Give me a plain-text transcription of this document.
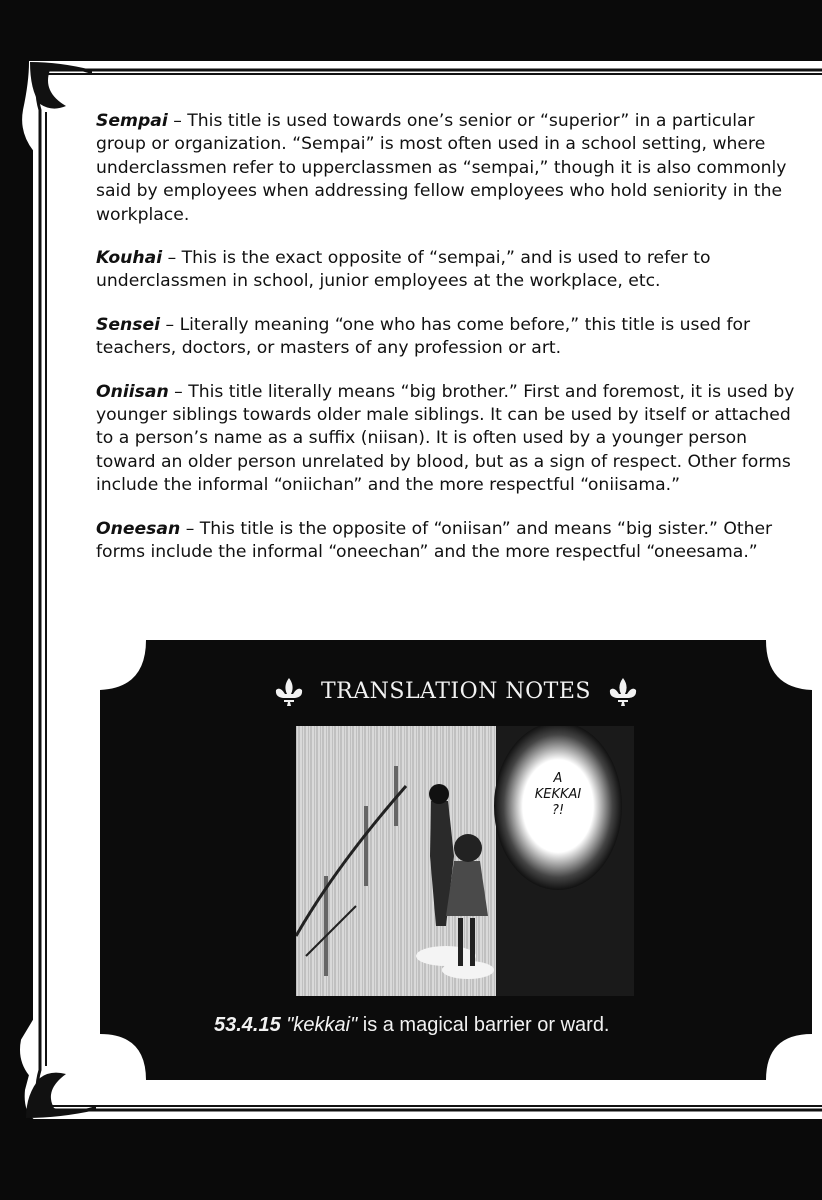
Sempai – This title is used towards one’s senior or “superior” in a particular group or organization. “Sempai” is most often used in a school setting, where underclassmen refer to upperclassmen as “sempai,” though it is also commonly said by employees when addressing fellow employees who hold seniority in the workplace.

Kouhai – This is the exact opposite of “sempai,” and is used to refer to underclassmen in school, junior employees at the workplace, etc.

Sensei – Literally meaning “one who has come before,” this title is used for teachers, doctors, or masters of any profession or art.

Oniisan – This title literally means “big brother.” First and foremost, it is used by younger siblings towards older male siblings. It can be used by itself or attached to a person’s name as a suffix (niisan). It is often used by a younger person toward an older person unrelated by blood, but as a sign of respect. Other forms include the informal “oniichan” and the more respectful “oniisama.”

Oneesan – This title is the opposite of “oniisan” and means “big sister.” Other forms include the informal “oneechan” and the more respectful “oneesama.”

TRANSLATION NOTES
A
KEKKAI
?!
53.4.15 "kekkai" is a magical barrier or ward.
